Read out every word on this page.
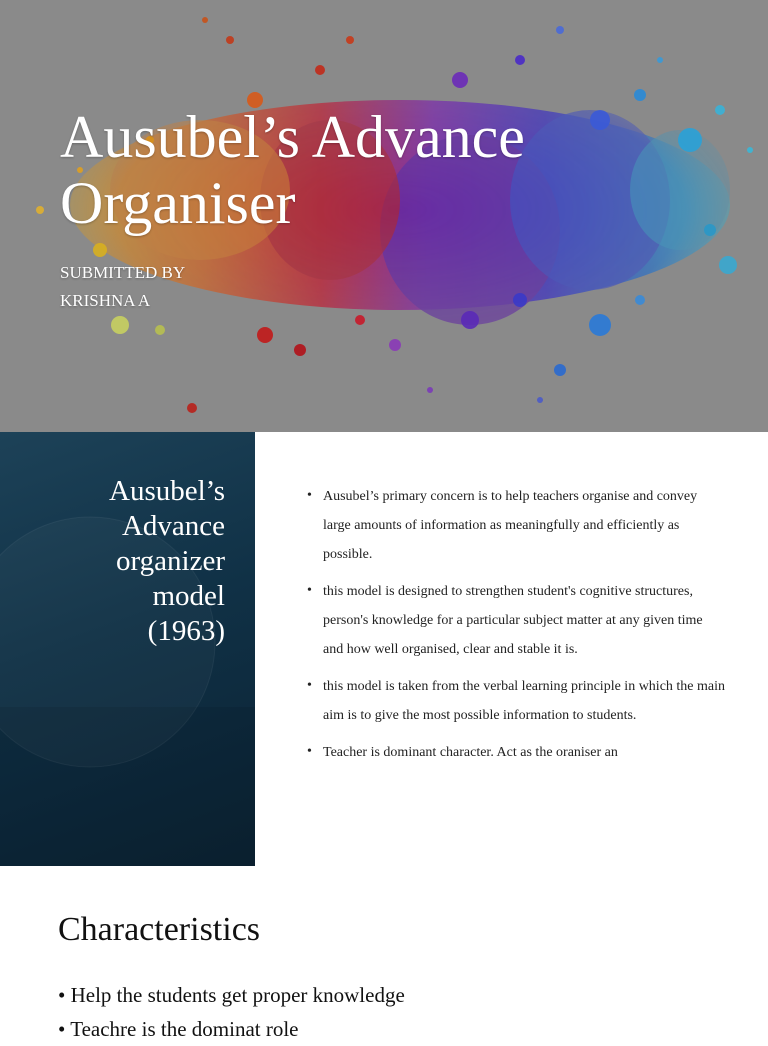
Ausubel’s Advance
Organiser

SUBMITTED BY
KRISHNA A

Ausubel’s
Advance
organizer
model
(1963)
• Ausubel’s primary concern is to help teachers organise and convey large amounts of information as meaningfully and efficiently as possible.
• this model is designed to strengthen student's cognitive structures, person's knowledge for a particular subject matter at any given time and how well organised, clear and stable it is.
• this model is taken from the verbal learning principle in which the main aim is to give the most possible information to students.
• Teacher is dominant character. Act as the oraniser an
Characteristics
• Help the students get proper knowledge
• Teachre is the dominat role
